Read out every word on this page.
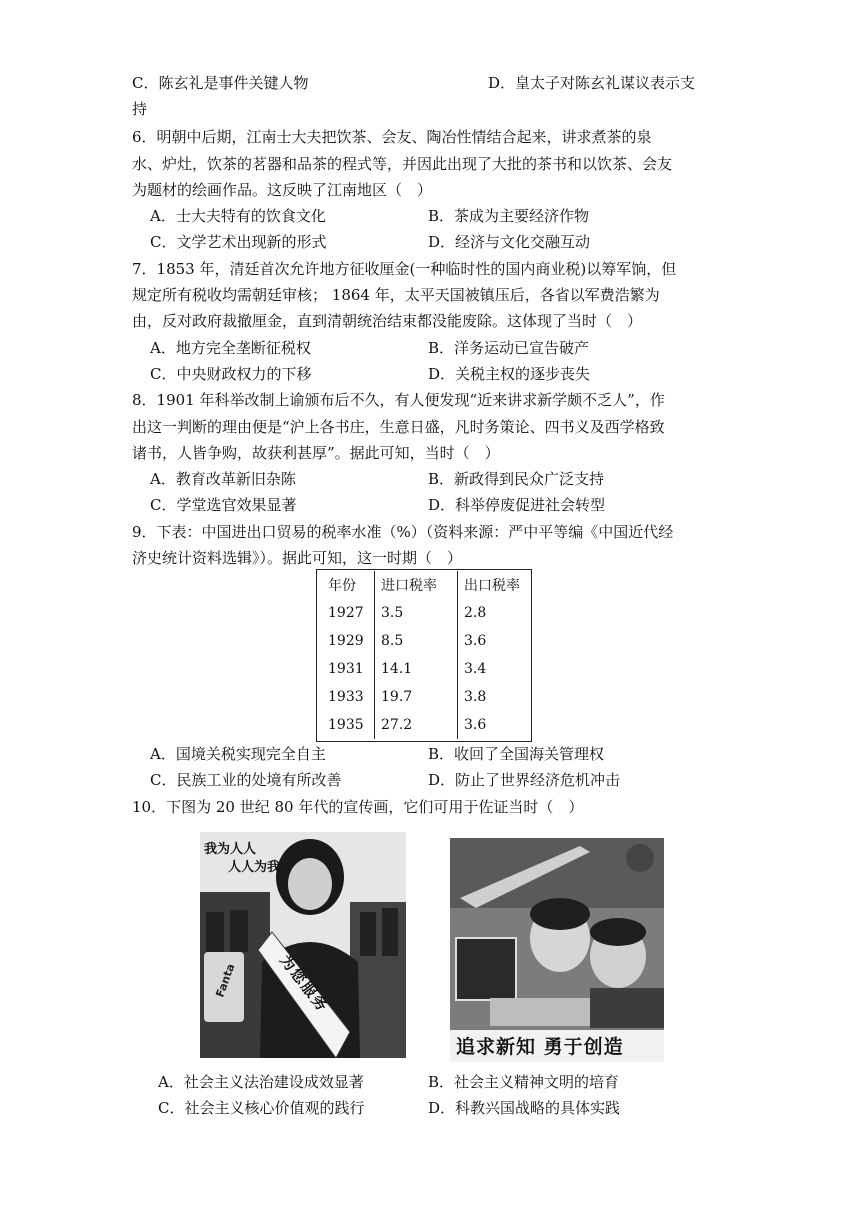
C．陈玄礼是事件关键人物	D．皇太子对陈玄礼谋议表示支
持
6．明朝中后期，江南士大夫把饮茶、会友、陶冶性情结合起来，讲求煮茶的泉
水、炉灶，饮茶的茗器和品茶的程式等，并因此出现了大批的茶书和以饮茶、会友
为题材的绘画作品。这反映了江南地区（　）
A．士大夫特有的饮食文化	B．茶成为主要经济作物
C．文学艺术出现新的形式	D．经济与文化交融互动
7．1853 年，清廷首次允许地方征收厘金(一种临时性的国内商业税)以筹军饷，但
规定所有税收均需朝廷审核； 1864 年，太平天国被镇压后，各省以军费浩繁为
由，反对政府裁撤厘金，直到清朝统治结束都没能废除。这体现了当时（　）
A．地方完全垄断征税权	B．洋务运动已宣告破产
C．中央财政权力的下移	D．关税主权的逐步丧失
8．1901 年科举改制上谕颁布后不久，有人便发现“近来讲求新学颇不乏人”，作
出这一判断的理由便是“沪上各书庄，生意日盛，凡时务策论、四书义及西学格致
诸书，人皆争购，故获利甚厚”。据此可知，当时（　）
A．教育改革新旧杂陈	B．新政得到民众广泛支持
C．学堂选官效果显著	D．科举停废促进社会转型
9．下表：中国进出口贸易的税率水准（%）（资料来源：严中平等编《中国近代经
济史统计资料选辑》）。据此可知，这一时期（　）
年份	进口税率	出口税率
1927	3.5	2.8
1929	8.5	3.6
1931	14.1	3.4
1933	19.7	3.8
1935	27.2	3.6
A．国境关税实现完全自主	B．收回了全国海关管理权
C．民族工业的处境有所改善	D．防止了世界经济危机冲击
10．下图为 20 世纪 80 年代的宣传画，它们可用于佐证当时（　）
我为人人
人人为我
Fanta	为您服务
追求新知 勇于创造
A．社会主义法治建设成效显著	B．社会主义精神文明的培育
C．社会主义核心价值观的践行	D．科教兴国战略的具体实践
